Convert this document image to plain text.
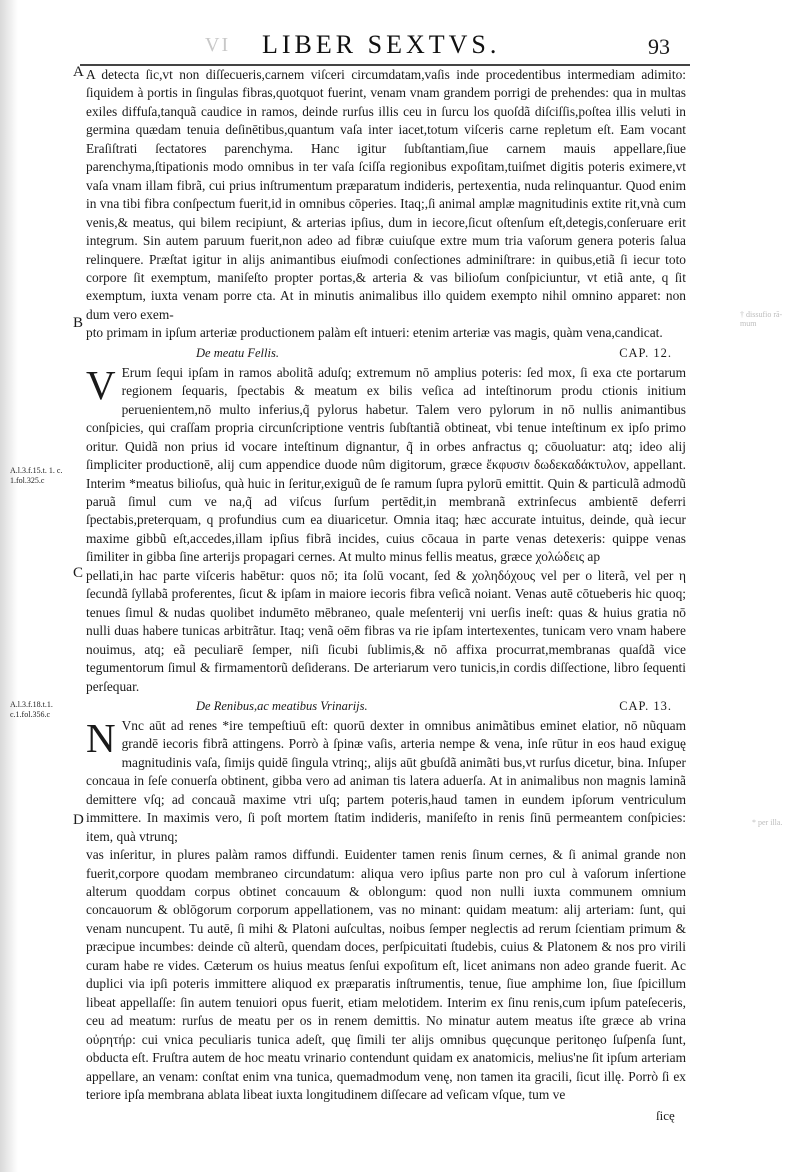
VI LIBER SEXTVS.	93
A
B
C
D
A.l.3.f.15.t. 1. c. 1.fol.325.c
A.l.3.f.18.t.1. c.1.fol.356.c
† dissufio rā-
mum
* per illa.

A detecta ſic,vt non diſſecueris,carnem viſceri circumdatam,vaſis inde procedentibus intermediam adimito: ſiquidem à portis in ſingulas fibras,quotquot fuerint, venam vnam grandem porrigi de prehendes: qua in multas exiles diffuſa,tanquã caudice in ramos, deinde rurſus illis ceu in ſurcu los quoſdã diſciſſis,poſtea illis veluti in germina quædam tenuia deſinētibus,quantum vaſa inter iacet,totum viſceris carne repletum eſt. Eam vocant Eraſiſtrati ſectatores parenchyma. Hanc igitur ſubſtantiam,ſiue carnem mauis appellare,ſiue parenchyma,ſtipationis modo omnibus in ter vaſa ſciſſa regionibus expoſitam,tuiſmet digitis poteris eximere,vt vaſa vnam illam fibrã, cui prius inſtrumentum præparatum indideris, pertexentia, nuda relinquantur. Quod enim in vna tibi fibra conſpectum fuerit,id in omnibus cōperies. Itaq;,ſi animal amplæ magnitudinis extite rit,vnà cum venis,& meatus, qui bilem recipiunt, & arterias ipſius, dum in iecore,ſicut oſtenſum eſt,detegis,conſeruare erit integrum. Sin autem paruum fuerit,non adeo ad fibræ cuiuſque extre mum tria vaſorum genera poteris ſalua relinquere. Præſtat igitur in alijs animantibus eiuſmodi conſectiones adminiſtrare: in quibus,etiã ſi iecur toto corpore ſit exemptum, maniſeſto propter portas,& arteria & vas bilioſum conſpiciuntur, vt etiã ante, q ſit exemptum, iuxta venam porre cta. At in minutis animalibus illo quidem exempto nihil omnino apparet: non dum vero exem-

pto primam in ipſum arteriæ productionem palàm eſt intueri: etenim arteriæ vas magis, quàm vena,candicat.

De meatu Fellis.	CAP. 12.
V Erum ſequi ipſam in ramos abolitã aduſq; extremum nō amplius poteris: ſed mox, ſi exa cte portarum regionem ſequaris, ſpectabis & meatum ex bilis veſica ad inteſtinorum produ ctionis initium peruenientem,nō multo inferius,q̃ pylorus habetur. Talem vero pylorum in nō nullis animantibus conſpicies, qui craſſam propria circunſcriptione ventris ſubſtantiã obtineat, vbi tenue inteſtinum ex ipſo primo oritur. Quidã non prius id vocare inteſtinum dignantur, q̃ in orbes anfractus q; cōuoluatur: atq; ideo alij ſimpliciter productionē, alij cum appendice duode nûm digitorum, græce ἔκφυσιν δωδεκαδάκτυλον, appellant. Interim *meatus bilioſus, quà huic in ſeritur,exiguũ de ſe ramum ſupra pylorū emittit. Quin & particulã admodũ paruã ſimul cum ve na,q̃ ad viſcus ſurſum pertēdit,in membranã extrinſecus ambientē deferri ſpectabis,preterquam, q profundius cum ea diuaricetur. Omnia itaq; hæc accurate intuitus, deinde, quà iecur maxime gibbũ eſt,accedes,illam ipſius fibrã incides, cuius cōcaua in parte venas detexeris: quippe venas ſimiliter in gibba ſine arterijs propagari cernes. At multo minus fellis meatus, græce χολώδεις ap

pellati,in hac parte viſceris habētur: quos nō; ita ſolū vocant, ſed & χοληδόχους vel per o literã, vel per η ſecundã ſyllabã proferentes, ſicut & ipſam in maiore iecoris fibra veſicã noiant. Venas autē cōtueberis hic quoq; tenues ſimul & nudas quolibet indumēto mēbraneo, quale meſenterij vni uerſis ineſt: quas & huius gratia nō nulli duas habere tunicas arbitrãtur. Itaq; venã oēm fibras va rie ipſam intertexentes, tunicam vero vnam habere nouimus, atq; eã peculiarē ſemper, niſi ſicubi ſublimis,& nō affixa procurrat,membranas quaſdã vice tegumentorum ſimul & firmamentorũ deſiderans. De arteriarum vero tunicis,in cordis diſſectione, libro ſequenti perſequar.

De Renibus,ac meatibus Vrinarijs.	CAP. 13.
N Vnc aūt ad renes *ire tempeſtiuū eſt: quorū dexter in omnibus animãtibus eminet elatior, nō nũquam grandē iecoris fibrã attingens. Porrò à ſpinæ vaſis, arteria nempe & vena, inſe rūtur in eos haud exiguę magnitudinis vaſa, ſimijs quidē ſingula vtrinq;, alijs aūt gbuſdã animãti bus,vt rurſus dicetur, bina. Inſuper concaua in ſeſe conuerſa obtinent, gibba vero ad animan tis latera aduerſa. At in animalibus non magnis laminã demittere vſq; ad concauã maxime vtri uſq; partem poteris,haud tamen in eundem ipſorum ventriculum immittere. In maximis vero, ſi poſt mortem ſtatim indideris, maniſeſto in renis ſinū permeantem conſpicies: item, quà vtrunq;

vas inſeritur, in plures palàm ramos diffundi. Euidenter tamen renis ſinum cernes, & ſi animal grande non fuerit,corpore quodam membraneo circundatum: aliqua vero ipſius parte non pro cul à vaſorum inſertione alterum quoddam corpus obtinet concauum & oblongum: quod non nulli iuxta communem omnium concauorum & oblōgorum corporum appellationem, vas no minant: quidam meatum: alij arteriam: ſunt, qui venam nuncupent. Tu autē, ſi mihi & Platoni auſcultas, noibus ſemper neglectis ad rerum ſcientiam primum & præcipue incumbes: deinde cũ alterũ, quendam doces, perſpicuitati ſtudebis, cuius & Platonem & nos pro virili curam habe re vides. Cæterum os huius meatus ſenſui expoſitum eſt, licet animans non adeo grande fuerit. Ac duplici via ipſi poteris immittere aliquod ex præparatis inſtrumentis, tenue, ſiue amphime lon, ſiue ſpicillum libeat appellaſſe: ſin autem tenuiori opus fuerit, etiam melotidem. Interim ex ſinu renis,cum ipſum pateſeceris, ceu ad meatum: rurſus de meatu per os in renem demittis. No minatur autem meatus iſte græce ab vrina οὐρητήρ: cui vnica peculiaris tunica adeſt, quę ſimili ter alijs omnibus quęcunque peritonęo ſuſpenſa ſunt, obducta eſt. Fruſtra autem de hoc meatu vrinario contendunt quidam ex anatomicis, melius'ne ſit ipſum arteriam appellare, an venam: conſtat enim vna tunica, quemadmodum venę, non tamen ita gracili, ſicut illę. Porrò ſi ex teriore ipſa membrana ablata libeat iuxta longitudinem diſſecare ad veſicam vſque, tum ve

ſicę
